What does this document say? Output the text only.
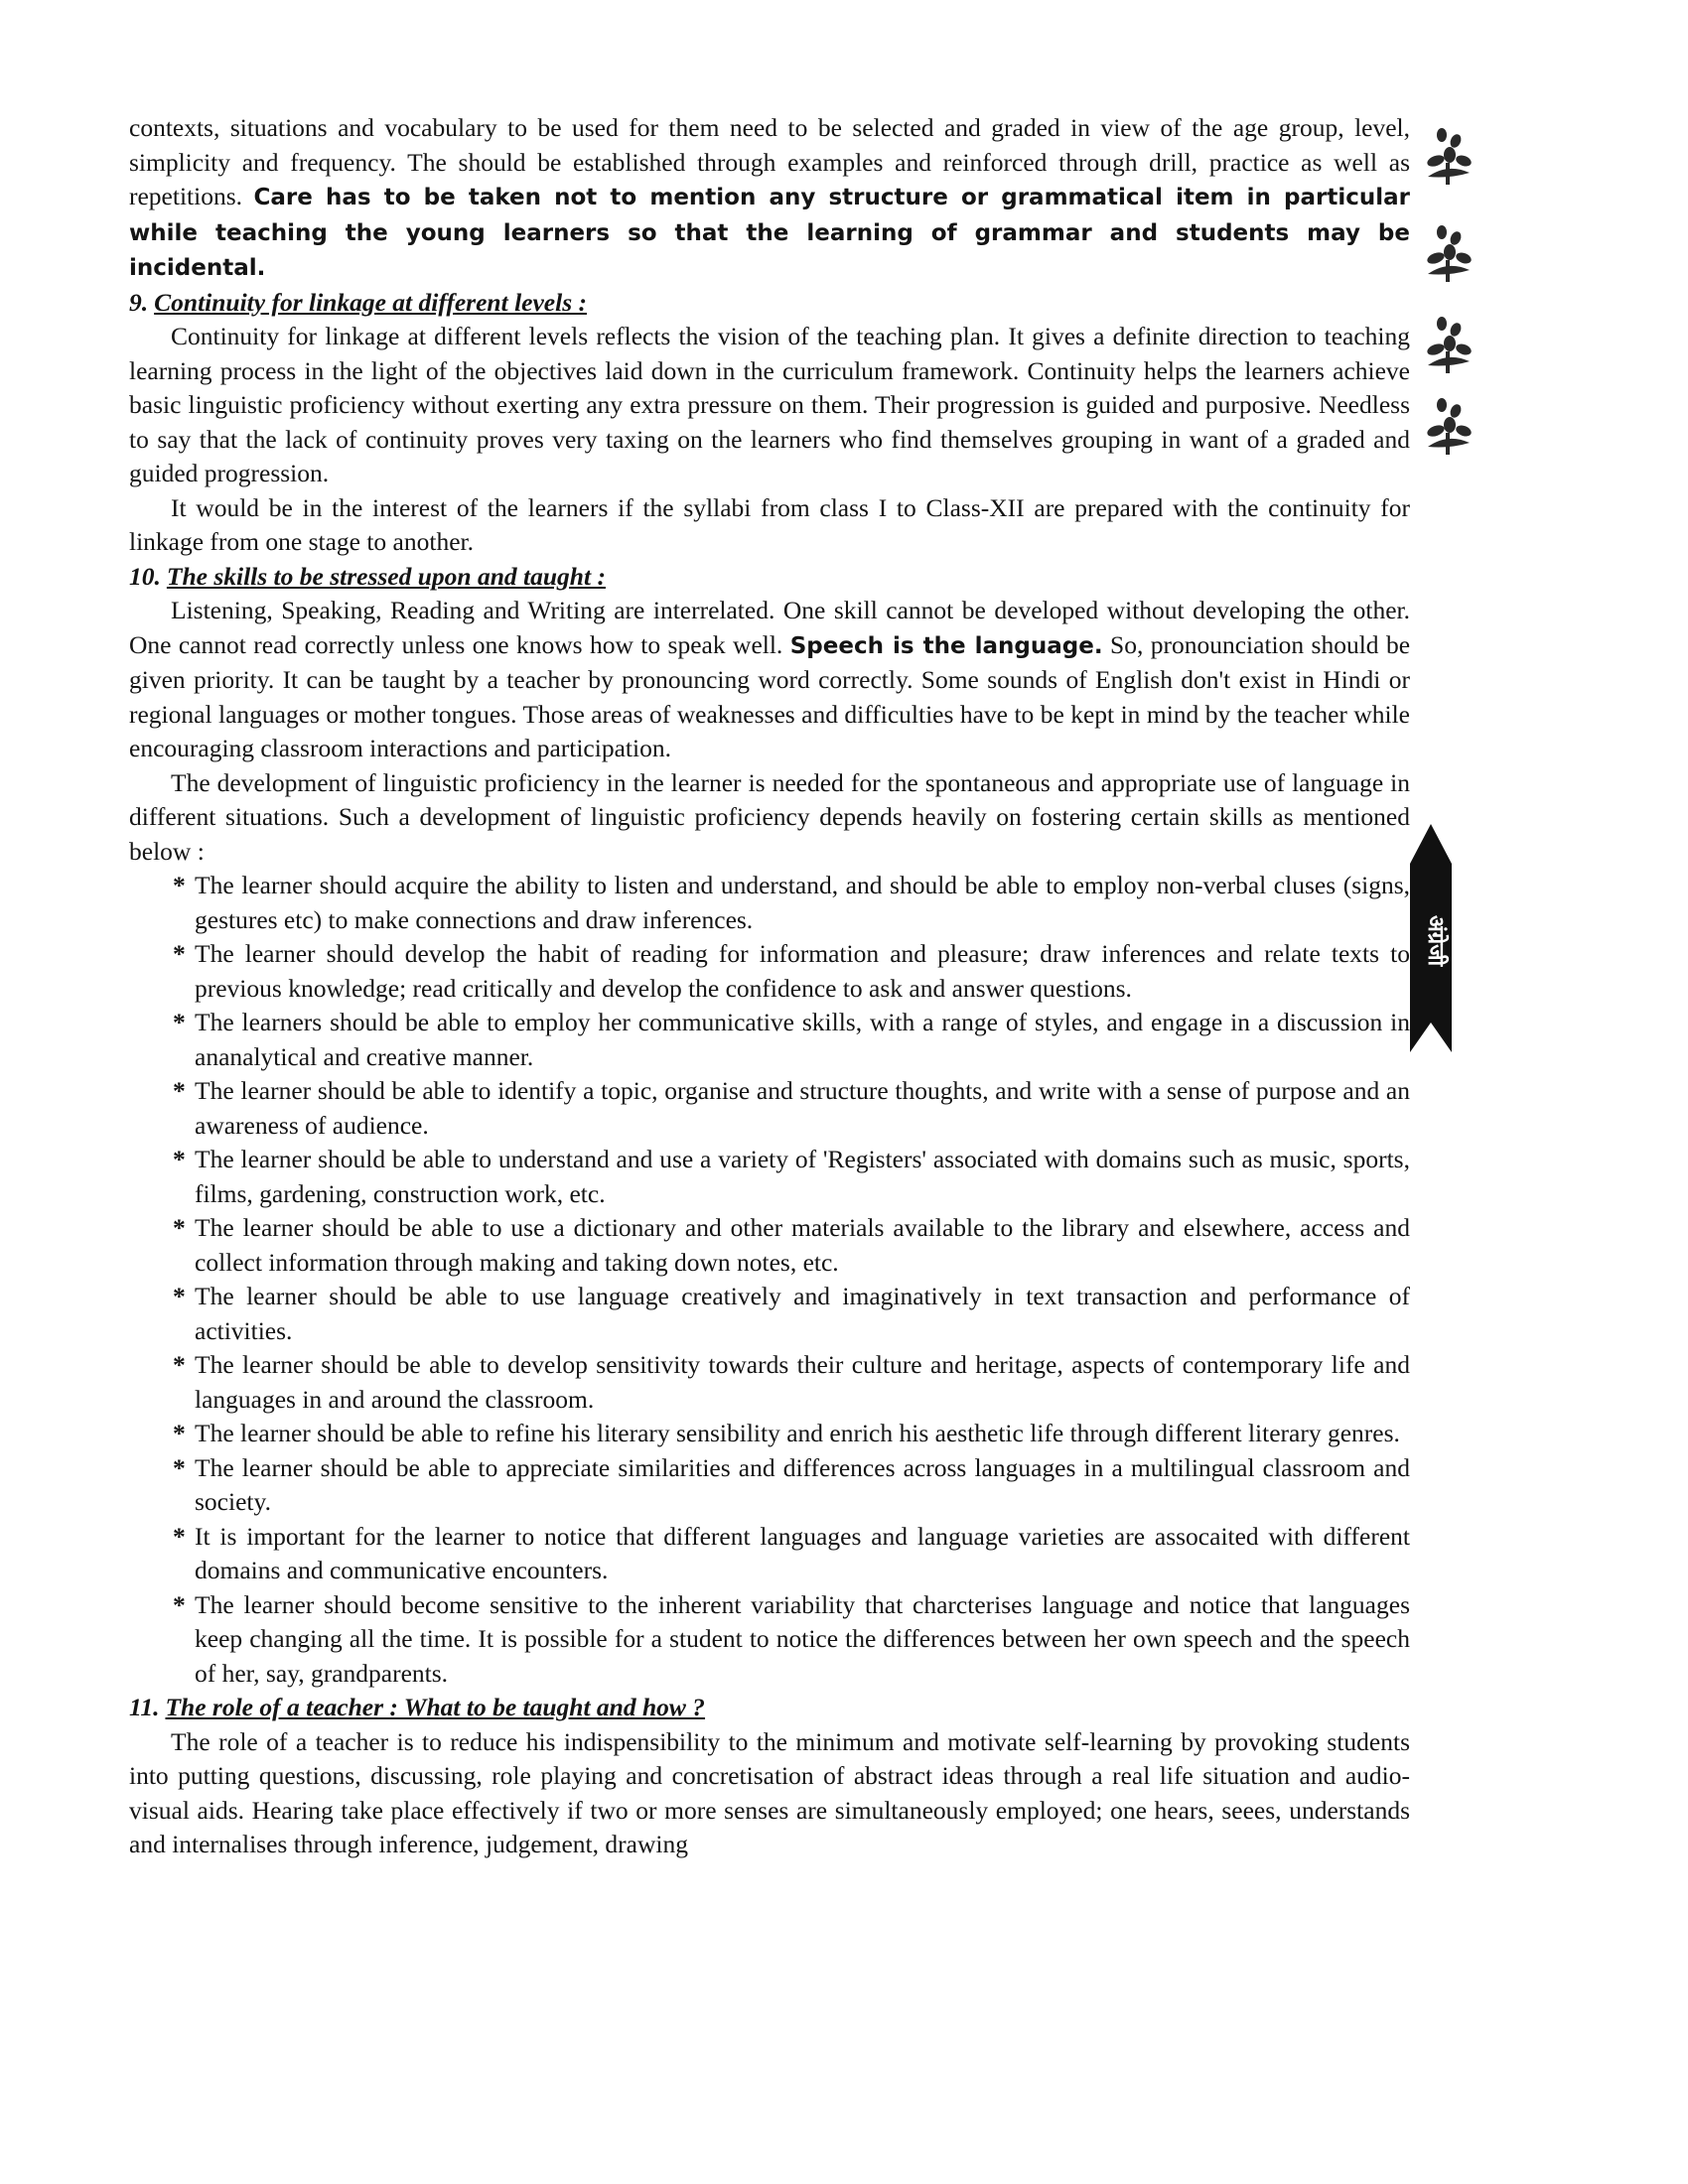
contexts, situations and vocabulary to be used for them need to be selected and graded in view of the age group, level, simplicity and frequency. The should be established through examples and reinforced through drill, practice as well as repetitions. Care has to be taken not to mention any structure or grammatical item in particular while teaching the young learners so that the learning of grammar and students may be incidental.

9. Continuity for linkage at different levels :

Continuity for linkage at different levels reflects the vision of the teaching plan. It gives a definite direction to teaching learning process in the light of the objectives laid down in the curriculum framework. Continuity helps the learners achieve basic linguistic proficiency without exerting any extra pressure on them. Their progression is guided and purposive. Needless to say that the lack of continuity proves very taxing on the learners who find themselves grouping in want of a graded and guided progression.

It would be in the interest of the learners if the syllabi from class I to Class-XII are prepared with the continuity for linkage from one stage to another.

10. The skills to be stressed upon and taught :

Listening, Speaking, Reading and Writing are interrelated. One skill cannot be developed without developing the other. One cannot read correctly unless one knows how to speak well. Speech is the language. So, pronounciation should be given priority. It can be taught by a teacher by pronouncing word correctly. Some sounds of English don't exist in Hindi or regional languages or mother tongues. Those areas of weaknesses and difficulties have to be kept in mind by the teacher while encouraging classroom interactions and participation.

The development of linguistic proficiency in the learner is needed for the spontaneous and appropriate use of language in different situations. Such a development of linguistic proficiency depends heavily on fostering certain skills as mentioned below :

* The learner should acquire the ability to listen and understand, and should be able to employ non-verbal cluses (signs, gestures etc) to make connections and draw inferences.
* The learner should develop the habit of reading for information and pleasure; draw inferences and relate texts to previous knowledge; read critically and develop the confidence to ask and answer questions.
* The learners should be able to employ her communicative skills, with a range of styles, and engage in a discussion in ananalytical and creative manner.
* The learner should be able to identify a topic, organise and structure thoughts, and write with a sense of purpose and an awareness of audience.
* The learner should be able to understand and use a variety of 'Registers' associated with domains such as music, sports, films, gardening, construction work, etc.
* The learner should be able to use a dictionary and other materials available to the library and elsewhere, access and collect information through making and taking down notes, etc.
* The learner should be able to use language creatively and imaginatively in text transaction and performance of activities.
* The learner should be able to develop sensitivity towards their culture and heritage, aspects of contemporary life and languages in and around the classroom.
* The learner should be able to refine his literary sensibility and enrich his aesthetic life through different literary genres.
* The learner should be able to appreciate similarities and differences across languages in a multilingual classroom and society.
* It is important for the learner to notice that different languages and language varieties are assocaited with different domains and communicative encounters.
* The learner should become sensitive to the inherent variability that charcterises language and notice that languages keep changing all the time. It is possible for a student to notice the differences between her own speech and the speech of her, say, grandparents.
11. The role of a teacher : What to be taught and how ?

The role of a teacher is to reduce his indispensibility to the minimum and motivate self-learning by provoking students into putting questions, discussing, role playing and concretisation of abstract ideas through a real life situation and audio-visual aids. Hearing take place effectively if two or more senses are simultaneously employed; one hears, seees, understands and internalises through inference, judgement, drawing

अंग्रेजी
